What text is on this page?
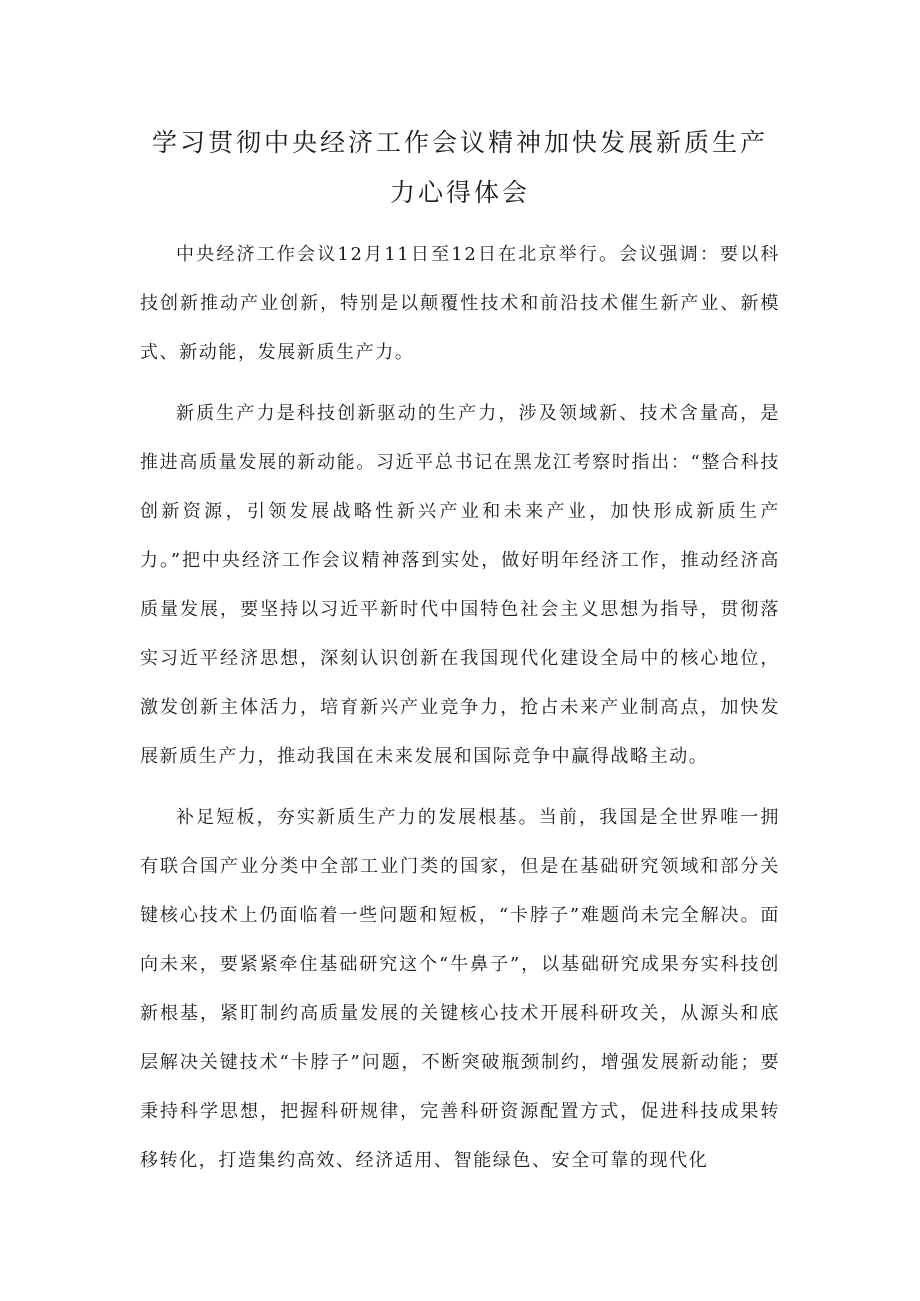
学习贯彻中央经济工作会议精神加快发展新质生产力心得体会

中央经济工作会议12月11日至12日在北京举行。会议强调：要以科技创新推动产业创新，特别是以颠覆性技术和前沿技术催生新产业、新模式、新动能，发展新质生产力。

新质生产力是科技创新驱动的生产力，涉及领域新、技术含量高，是推进高质量发展的新动能。习近平总书记在黑龙江考察时指出：“整合科技创新资源，引领发展战略性新兴产业和未来产业，加快形成新质生产力。”把中央经济工作会议精神落到实处，做好明年经济工作，推动经济高质量发展，要坚持以习近平新时代中国特色社会主义思想为指导，贯彻落实习近平经济思想，深刻认识创新在我国现代化建设全局中的核心地位，激发创新主体活力，培育新兴产业竞争力，抢占未来产业制高点，加快发展新质生产力，推动我国在未来发展和国际竞争中赢得战略主动。

补足短板，夯实新质生产力的发展根基。当前，我国是全世界唯一拥有联合国产业分类中全部工业门类的国家，但是在基础研究领域和部分关键核心技术上仍面临着一些问题和短板，“卡脖子”难题尚未完全解决。面向未来，要紧紧牵住基础研究这个“牛鼻子”，以基础研究成果夯实科技创新根基，紧盯制约高质量发展的关键核心技术开展科研攻关，从源头和底层解决关键技术“卡脖子”问题，不断突破瓶颈制约，增强发展新动能；要秉持科学思想，把握科研规律，完善科研资源配置方式，促进科技成果转移转化，打造集约高效、经济适用、智能绿色、安全可靠的现代化
